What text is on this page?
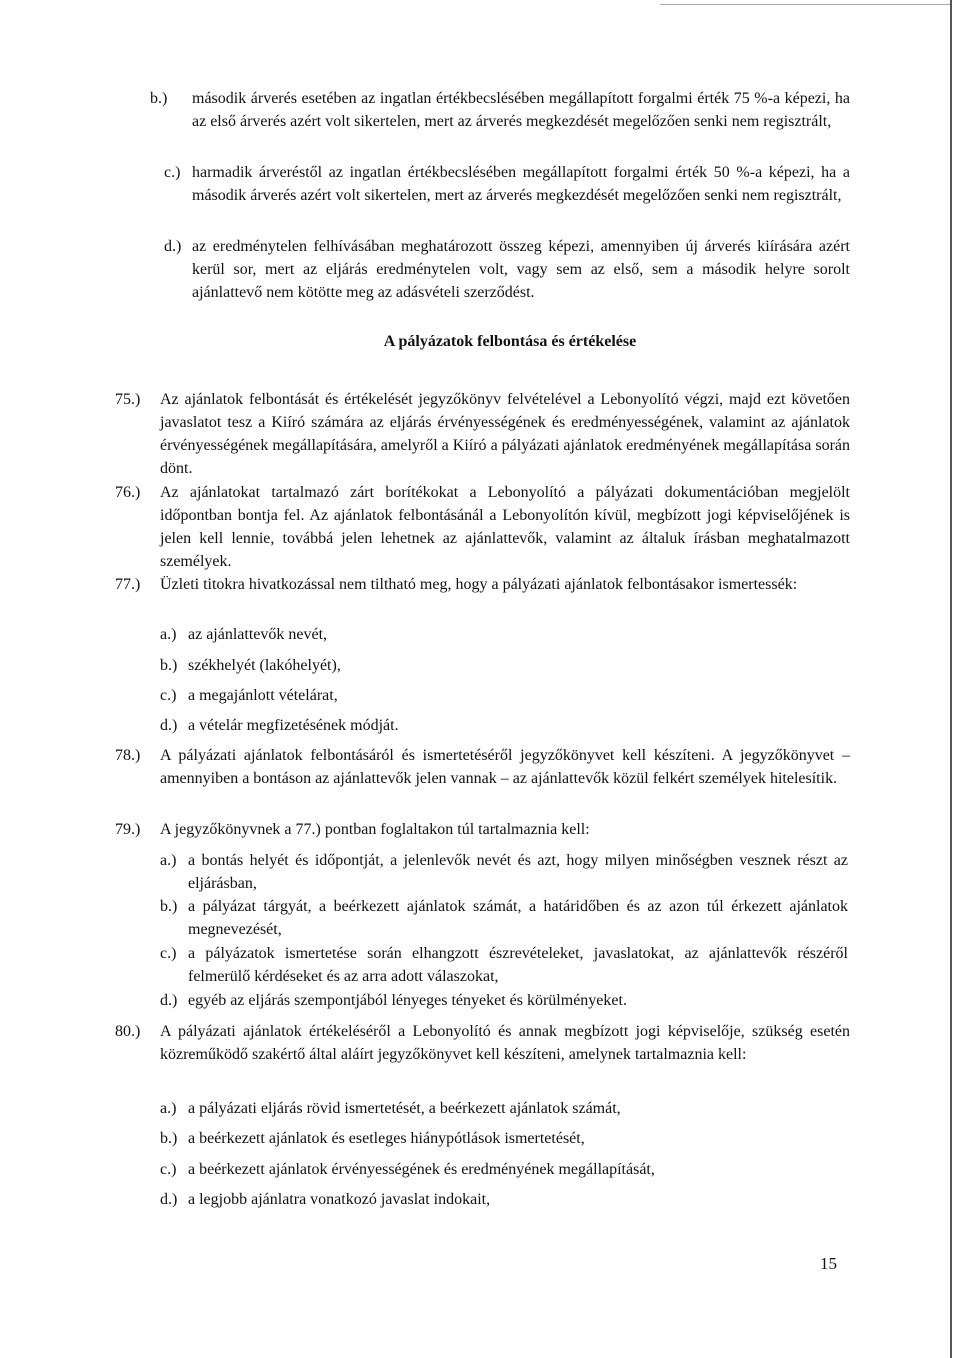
b.) második árverés esetében az ingatlan értékbecslésében megállapított forgalmi érték 75 %-a képezi, ha az első árverés azért volt sikertelen, mert az árverés megkezdését megelőzően senki nem regisztrált,
c.) harmadik árveréstől az ingatlan értékbecslésében megállapított forgalmi érték 50 %-a képezi, ha a második árverés azért volt sikertelen, mert az árverés megkezdését megelőzően senki nem regisztrált,
d.) az eredménytelen felhívásában meghatározott összeg képezi, amennyiben új árverés kiírására azért kerül sor, mert az eljárás eredménytelen volt, vagy sem az első, sem a második helyre sorolt ajánlattevő nem kötötte meg az adásvételi szerződést.
A pályázatok felbontása és értékelése
75.) Az ajánlatok felbontását és értékelését jegyzőkönyv felvételével a Lebonyolító végzi, majd ezt követően javaslatot tesz a Kiíró számára az eljárás érvényességének és eredményességének, valamint az ajánlatok érvényességének megállapítására, amelyről a Kiíró a pályázati ajánlatok eredményének megállapítása során dönt.
76.) Az ajánlatokat tartalmazó zárt borítékokat a Lebonyolító a pályázati dokumentációban megjelölt időpontban bontja fel. Az ajánlatok felbontásánál a Lebonyolítón kívül, megbízott jogi képviselőjének is jelen kell lennie, továbbá jelen lehetnek az ajánlattevők, valamint az általuk írásban meghatalmazott személyek.
77.) Üzleti titokra hivatkozással nem tiltható meg, hogy a pályázati ajánlatok felbontásakor ismertessék:
a.) az ajánlattevők nevét,
b.) székhelyét (lakóhelyét),
c.) a megajánlott vételárat,
d.) a vételár megfizetésének módját.
78.) A pályázati ajánlatok felbontásáról és ismertetéséről jegyzőkönyvet kell készíteni. A jegyzőkönyvet – amennyiben a bontáson az ajánlattevők jelen vannak – az ajánlattevők közül felkért személyek hitelesítik.
79.) A jegyzőkönyvnek a 77.) pontban foglaltakon túl tartalmaznia kell:
a.) a bontás helyét és időpontját, a jelenlevők nevét és azt, hogy milyen minőségben vesznek részt az eljárásban,
b.) a pályázat tárgyát, a beérkezett ajánlatok számát, a határidőben és az azon túl érkezett ajánlatok megnevezését,
c.) a pályázatok ismertetése során elhangzott észrevételeket, javaslatokat, az ajánlattevők részéről felmerülő kérdéseket és az arra adott válaszokat,
d.) egyéb az eljárás szempontjából lényeges tényeket és körülményeket.
80.) A pályázati ajánlatok értékeléséről a Lebonyolító és annak megbízott jogi képviselője, szükség esetén közreműködő szakértő által aláírt jegyzőkönyvet kell készíteni, amelynek tartalmaznia kell:
a.) a pályázati eljárás rövid ismertetését, a beérkezett ajánlatok számát,
b.) a beérkezett ajánlatok és esetleges hiánypótlások ismertetését,
c.) a beérkezett ajánlatok érvényességének és eredményének megállapítását,
d.) a legjobb ajánlatra vonatkozó javaslat indokait,
15
